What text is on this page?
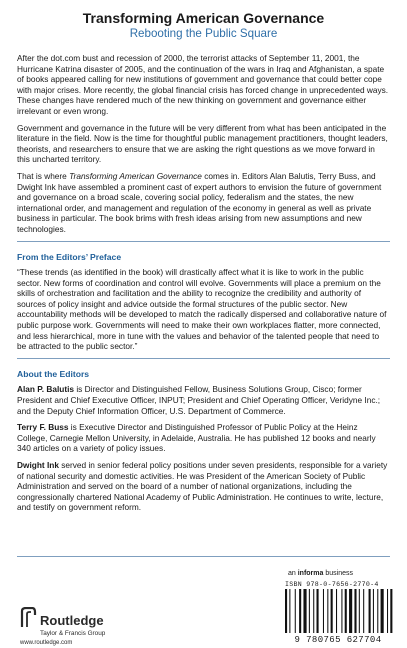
Transforming American Governance
Rebooting the Public Square

After the dot.com bust and recession of 2000, the terrorist attacks of September 11, 2001, the Hurricane Katrina disaster of 2005, and the continuation of the wars in Iraq and Afghanistan, a spate of books appeared calling for new institutions of government and governance that could better cope with major crises. More recently, the global financial crisis has forced change in unprecedented ways. These changes have rendered much of the new thinking on government and governance either irrelevant or even wrong.

Government and governance in the future will be very different from what has been anticipated in the literature in the field. Now is the time for thoughtful public management practitioners, thought leaders, theorists, and researchers to ensure that we are asking the right questions as we move forward in this uncharted territory.

That is where Transforming American Governance comes in. Editors Alan Balutis, Terry Buss, and Dwight Ink have assembled a prominent cast of expert authors to envision the future of government and governance on a broad scale, covering social policy, federalism and the states, the new international order, and management and regulation of the economy in general as well as private business in particular. The book brims with fresh ideas arising from new assumptions and new technologies.

From the Editors’ Preface

“These trends (as identified in the book) will drastically affect what it is like to work in the public sector. New forms of coordination and control will evolve. Governments will place a premium on the skills of orchestration and facilitation and the ability to recognize the credibility and authority of sources of policy insight and advice outside the formal structures of the public sector. New accountability methods will be developed to match the radically dispersed and collaborative nature of public purpose work. Governments will need to make their own workplaces flatter, more connected, and less hierarchical, more in tune with the values and behavior of the talented people that need to be attracted to the public sector.”

About the Editors

Alan P. Balutis is Director and Distinguished Fellow, Business Solutions Group, Cisco; former President and Chief Executive Officer, INPUT; President and Chief Operating Officer, Veridyne Inc.; and the Deputy Chief Information Officer, U.S. Department of Commerce.

Terry F. Buss is Executive Director and Distinguished Professor of Public Policy at the Heinz College, Carnegie Mellon University, in Adelaide, Australia. He has published 12 books and nearly 340 articles on a variety of policy issues.

Dwight Ink served in senior federal policy positions under seven presidents, responsible for a variety of national security and domestic activities. He was President of the American Society of Public Administration and served on the board of a number of national organizations, including the congressionally chartered National Academy of Public Administration. He continues to write, lecture, and testify on government reform.

Routledge
Taylor & Francis Group
www.routledge.com
an informa business
ISBN 978-0-7656-2770-4
9 780765 627704
